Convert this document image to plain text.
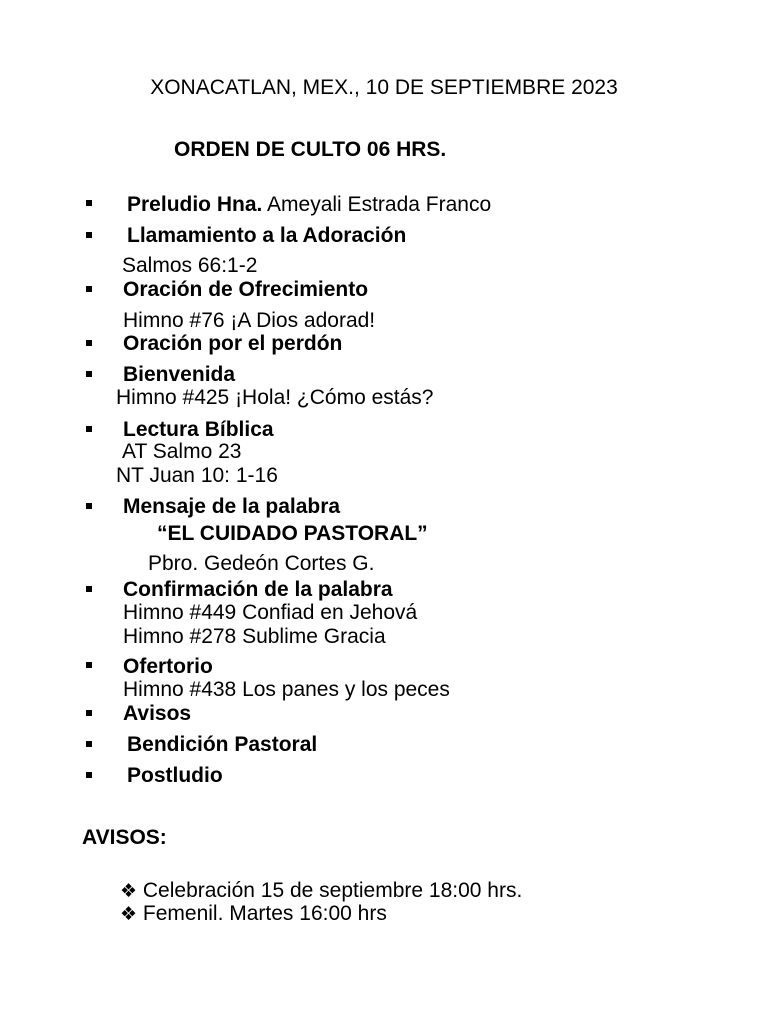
XONACATLAN, MEX., 10 DE SEPTIEMBRE 2023
ORDEN DE CULTO 06 HRS.
Preludio Hna. Ameyali Estrada Franco
Llamamiento a la Adoración
Salmos 66:1-2
Oración de Ofrecimiento
Himno #76 ¡A Dios adorad!
Oración por el perdón
Bienvenida
Himno #425 ¡Hola! ¿Cómo estás?
Lectura Bíblica
AT Salmo 23
NT Juan 10: 1-16
Mensaje de la palabra
“EL CUIDADO PASTORAL”
Pbro. Gedeón Cortes G.
Confirmación de la palabra
Himno #449 Confiad en Jehová
Himno #278 Sublime Gracia
Ofertorio
Himno #438 Los panes y los peces
Avisos
Bendición Pastoral
Postludio
AVISOS:
❖ Celebración 15 de septiembre 18:00 hrs.
❖ Femenil. Martes 16:00 hrs
